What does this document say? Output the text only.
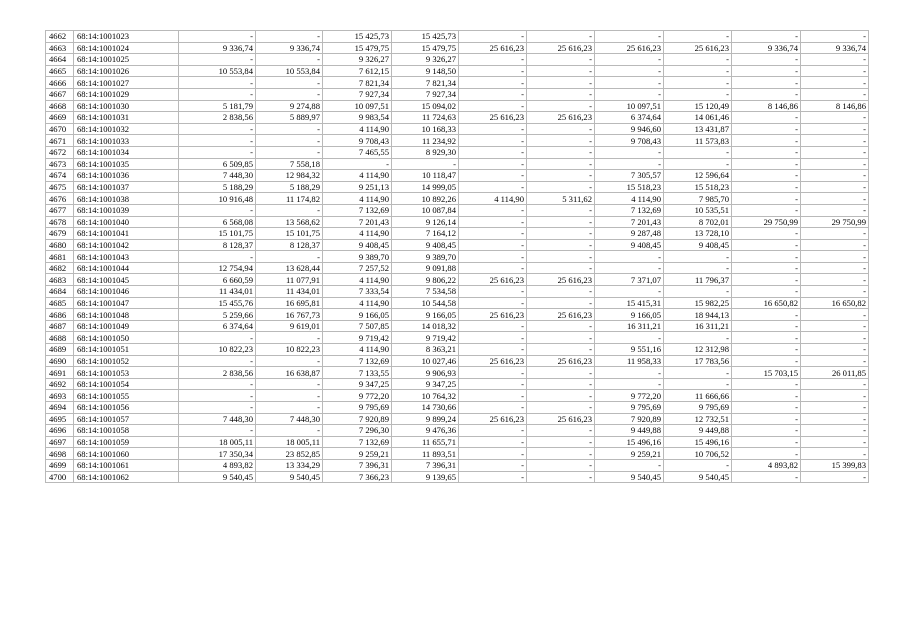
4662	68:14:1001023	-	-	15 425,73	15 425,73	-	-	-	-	-	-
4663	68:14:1001024	9 336,74	9 336,74	15 479,75	15 479,75	25 616,23	25 616,23	25 616,23	25 616,23	9 336,74	9 336,74
4664	68:14:1001025	-	-	9 326,27	9 326,27	-	-	-	-	-	-
4665	68:14:1001026	10 553,84	10 553,84	7 612,15	9 148,50	-	-	-	-	-	-
4666	68:14:1001027	-	-	7 821,34	7 821,34	-	-	-	-	-	-
4667	68:14:1001029	-	-	7 927,34	7 927,34	-	-	-	-	-	-
4668	68:14:1001030	5 181,79	9 274,88	10 097,51	15 094,02	-	-	10 097,51	15 120,49	8 146,86	8 146,86
4669	68:14:1001031	2 838,56	5 889,97	9 983,54	11 724,63	25 616,23	25 616,23	6 374,64	14 061,46	-	-
4670	68:14:1001032	-	-	4 114,90	10 168,33	-	-	9 946,60	13 431,87	-	-
4671	68:14:1001033	-	-	9 708,43	11 234,92	-	-	9 708,43	11 573,83	-	-
4672	68:14:1001034	-	-	7 465,55	8 929,30	-	-	-	-	-	-
4673	68:14:1001035	6 509,85	7 558,18	-	-	-	-	-	-	-	-
4674	68:14:1001036	7 448,30	12 984,32	4 114,90	10 118,47	-	-	7 305,57	12 596,64	-	-
4675	68:14:1001037	5 188,29	5 188,29	9 251,13	14 999,05	-	-	15 518,23	15 518,23	-	-
4676	68:14:1001038	10 916,48	11 174,82	4 114,90	10 892,26	4 114,90	5 311,62	4 114,90	7 985,70	-	-
4677	68:14:1001039	-	-	7 132,69	10 087,84	-	-	7 132,69	10 535,51	-	-
4678	68:14:1001040	6 568,08	13 568,62	7 201,43	9 126,14	-	-	7 201,43	8 702,01	29 750,99	29 750,99
4679	68:14:1001041	15 101,75	15 101,75	4 114,90	7 164,12	-	-	9 287,48	13 728,10	-	-
4680	68:14:1001042	8 128,37	8 128,37	9 408,45	9 408,45	-	-	9 408,45	9 408,45	-	-
4681	68:14:1001043	-	-	9 389,70	9 389,70	-	-	-	-	-	-
4682	68:14:1001044	12 754,94	13 628,44	7 257,52	9 091,88	-	-	-	-	-	-
4683	68:14:1001045	6 660,59	11 077,91	4 114,90	9 806,22	25 616,23	25 616,23	7 371,07	11 796,37	-	-
4684	68:14:1001046	11 434,01	11 434,01	7 333,54	7 534,58	-	-	-	-	-	-
4685	68:14:1001047	15 455,76	16 695,81	4 114,90	10 544,58	-	-	15 415,31	15 982,25	16 650,82	16 650,82
4686	68:14:1001048	5 259,66	16 767,73	9 166,05	9 166,05	25 616,23	25 616,23	9 166,05	18 944,13	-	-
4687	68:14:1001049	6 374,64	9 619,01	7 507,85	14 018,32	-	-	16 311,21	16 311,21	-	-
4688	68:14:1001050	-	-	9 719,42	9 719,42	-	-	-	-	-	-
4689	68:14:1001051	10 822,23	10 822,23	4 114,90	8 363,21	-	-	9 551,16	12 312,98	-	-
4690	68:14:1001052	-	-	7 132,69	10 027,46	25 616,23	25 616,23	11 958,33	17 783,56	-	-
4691	68:14:1001053	2 838,56	16 638,87	7 133,55	9 906,93	-	-	-	-	15 703,15	26 011,85
4692	68:14:1001054	-	-	9 347,25	9 347,25	-	-	-	-	-	-
4693	68:14:1001055	-	-	9 772,20	10 764,32	-	-	9 772,20	11 666,66	-	-
4694	68:14:1001056	-	-	9 795,69	14 730,66	-	-	9 795,69	9 795,69	-	-
4695	68:14:1001057	7 448,30	7 448,30	7 920,89	9 899,24	25 616,23	25 616,23	7 920,89	12 732,51	-	-
4696	68:14:1001058	-	-	7 296,30	9 476,36	-	-	9 449,88	9 449,88	-	-
4697	68:14:1001059	18 005,11	18 005,11	7 132,69	11 655,71	-	-	15 496,16	15 496,16	-	-
4698	68:14:1001060	17 350,34	23 852,85	9 259,21	11 893,51	-	-	9 259,21	10 706,52	-	-
4699	68:14:1001061	4 893,82	13 334,29	7 396,31	7 396,31	-	-	-	-	4 893,82	15 399,83
4700	68:14:1001062	9 540,45	9 540,45	7 366,23	9 139,65	-	-	9 540,45	9 540,45	-	-
